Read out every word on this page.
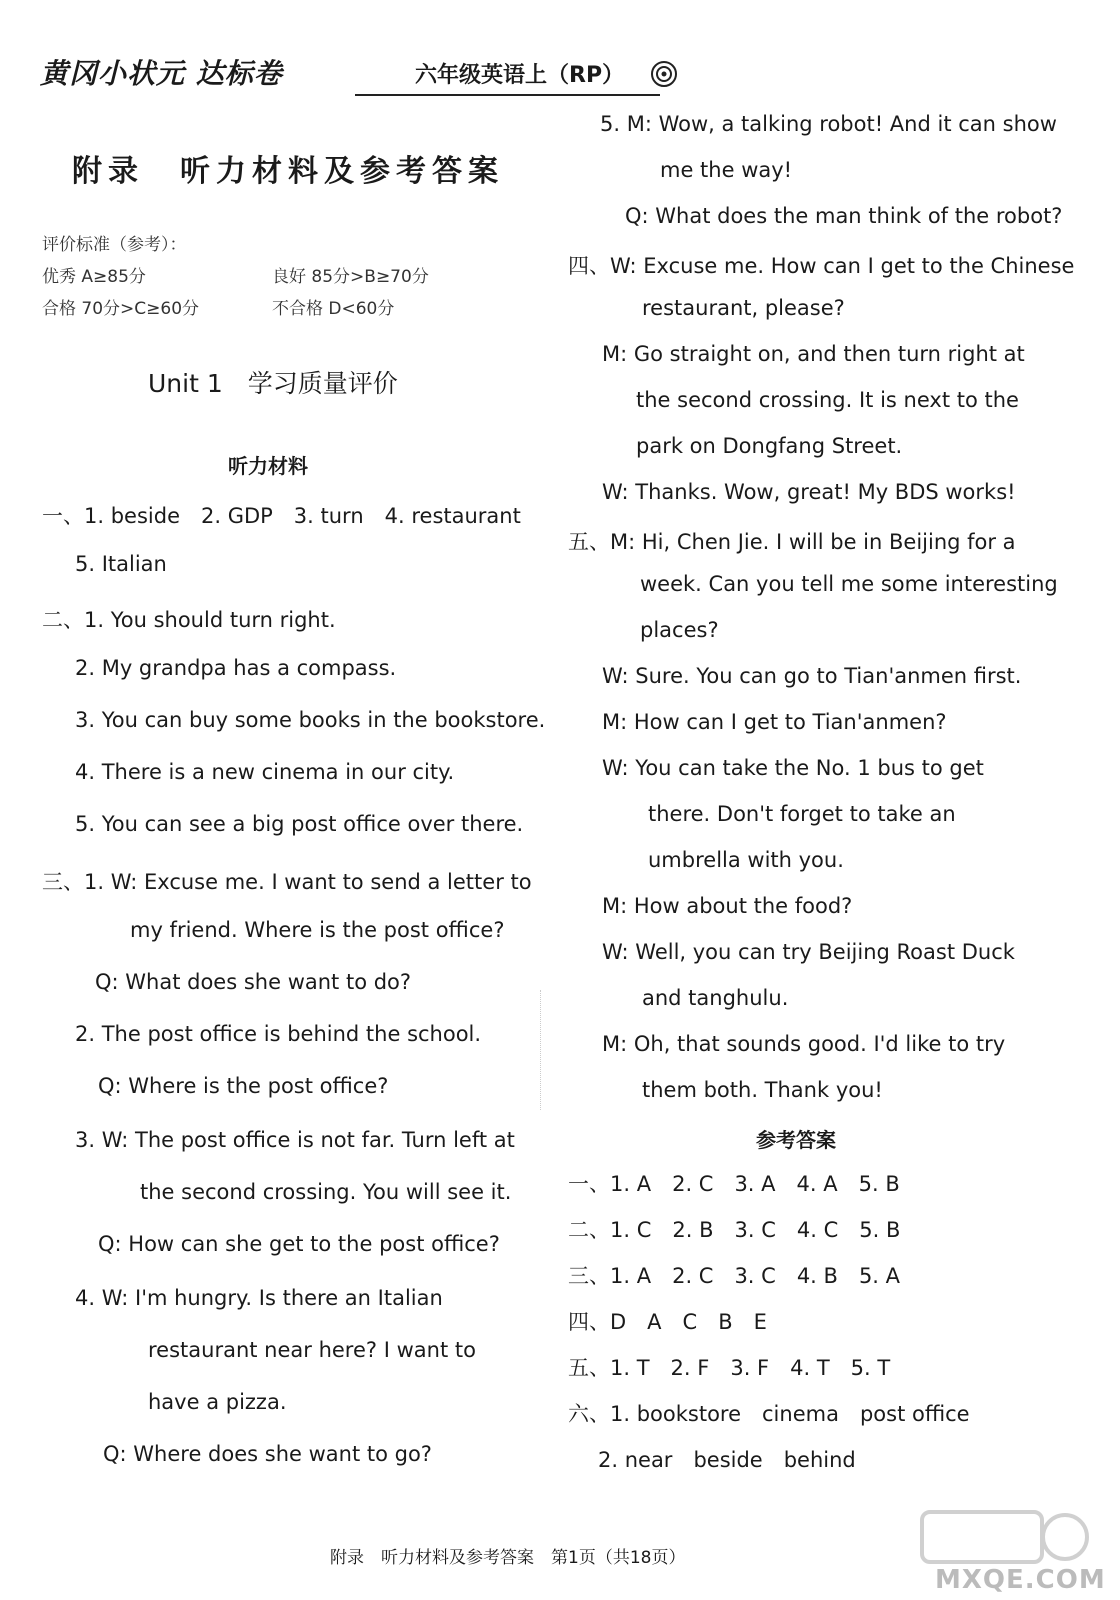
黄冈小状元 达标卷	六年级英语上（RP）
附录　听力材料及参考答案
评价标准（参考）：
优秀 A≥85分	良好 85分>B≥70分
合格 70分>C≥60分	不合格 D<60分
Unit 1　学习质量评价
听力材料
一、1. beside　2. GDP　3. turn　4. restaurant
5. Italian
二、1. You should turn right.
2. My grandpa has a compass.
3. You can buy some books in the bookstore.
4. There is a new cinema in our city.
5. You can see a big post office over there.
三、1. W: Excuse me. I want to send a letter to
my friend. Where is the post office?
Q: What does she want to do?
2. The post office is behind the school.
Q: Where is the post office?
3. W: The post office is not far. Turn left at
the second crossing. You will see it.
Q: How can she get to the post office?
4. W: I'm hungry. Is there an Italian
restaurant near here? I want to
have a pizza.
Q: Where does she want to go?
5. M: Wow, a talking robot! And it can show
me the way!
Q: What does the man think of the robot?
四、W: Excuse me. How can I get to the Chinese
restaurant, please?
M: Go straight on, and then turn right at
the second crossing. It is next to the
park on Dongfang Street.
W: Thanks. Wow, great! My BDS works!
五、M: Hi, Chen Jie. I will be in Beijing for a
week. Can you tell me some interesting
places?
W: Sure. You can go to Tian'anmen first.
M: How can I get to Tian'anmen?
W: You can take the No. 1 bus to get
there. Don't forget to take an
umbrella with you.
M: How about the food?
W: Well, you can try Beijing Roast Duck
and tanghulu.
M: Oh, that sounds good. I'd like to try
them both. Thank you!
参考答案
一、1. A　2. C　3. A　4. A　5. B
二、1. C　2. B　3. C　4. C　5. B
三、1. A　2. C　3. C　4. B　5. A
四、D　A　C　B　E
五、1. T　2. F　3. F　4. T　5. T
六、1. bookstore　cinema　post office
2. near　beside　behind
附录　听力材料及参考答案　第1页（共18页）
MXQE.COM
